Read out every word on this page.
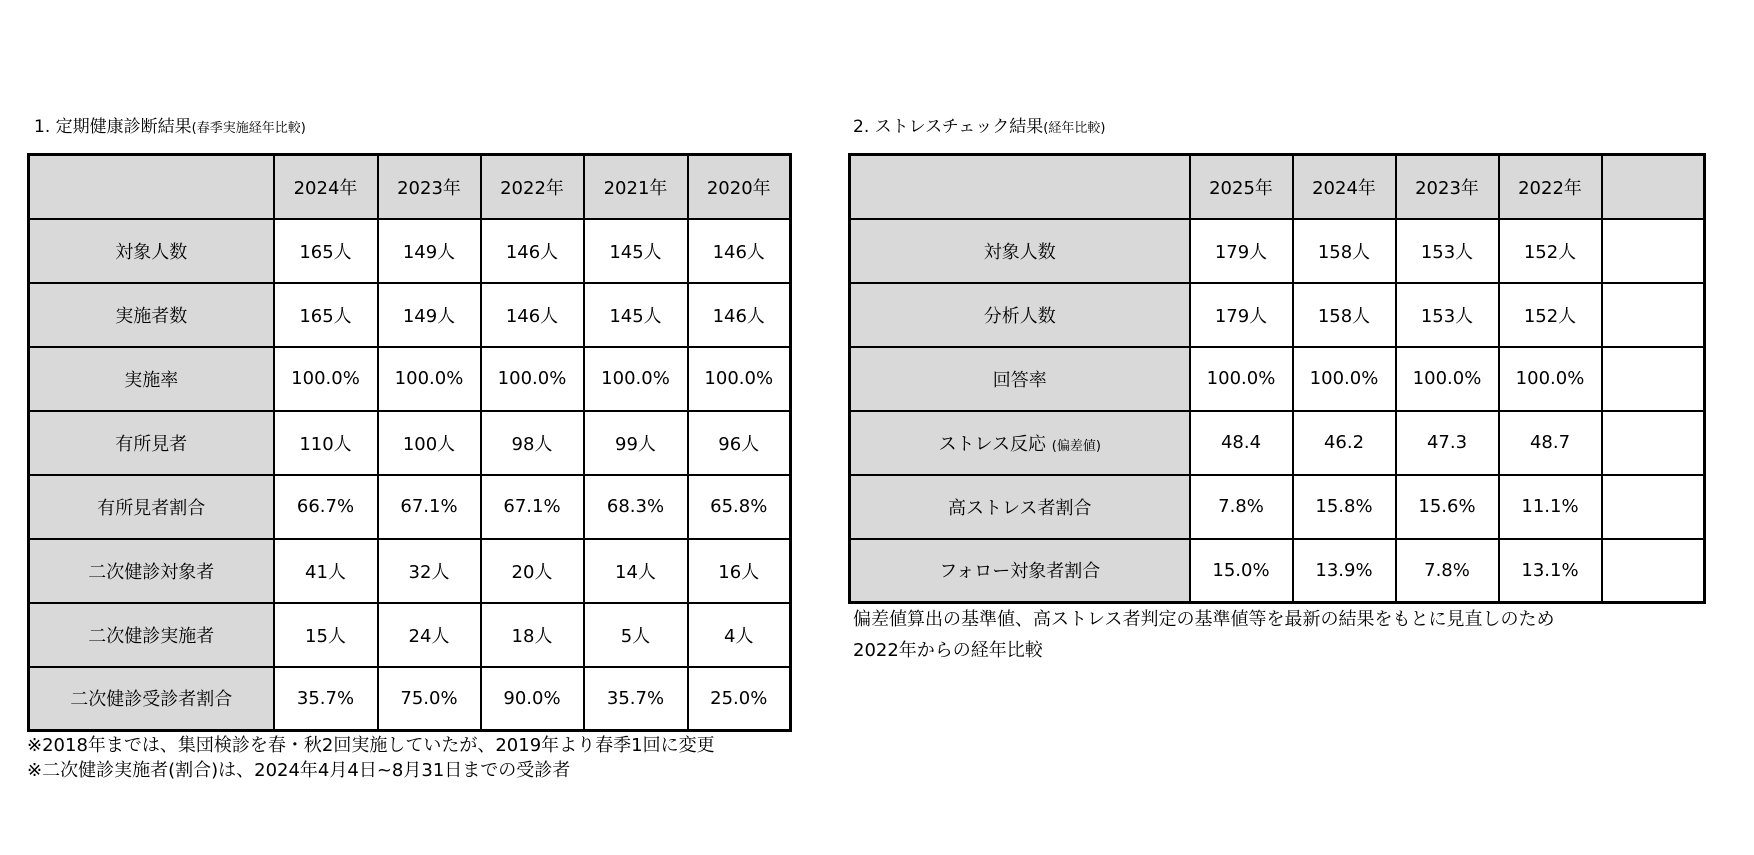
1. 定期健康診断結果(春季実施経年比較)
	2024年	2023年	2022年	2021年	2020年
対象人数	165人	149人	146人	145人	146人
実施者数	165人	149人	146人	145人	146人
実施率	100.0%	100.0%	100.0%	100.0%	100.0%
有所見者	110人	100人	98人	99人	96人
有所見者割合	66.7%	67.1%	67.1%	68.3%	65.8%
二次健診対象者	41人	32人	20人	14人	16人
二次健診実施者	15人	24人	18人	5人	4人
二次健診受診者割合	35.7%	75.0%	90.0%	35.7%	25.0%
※2018年までは、集団検診を春・秋2回実施していたが、2019年より春季1回に変更
※二次健診実施者(割合)は、2024年4月4日~8月31日までの受診者
2. ストレスチェック結果(経年比較)
	2025年	2024年	2023年	2022年	
対象人数	179人	158人	153人	152人	
分析人数	179人	158人	153人	152人	
回答率	100.0%	100.0%	100.0%	100.0%	
ストレス反応 (偏差値)	48.4	46.2	47.3	48.7	
高ストレス者割合	7.8%	15.8%	15.6%	11.1%	
フォロー対象者割合	15.0%	13.9%	7.8%	13.1%	
偏差値算出の基準値、高ストレス者判定の基準値等を最新の結果をもとに見直しのため
2022年からの経年比較
